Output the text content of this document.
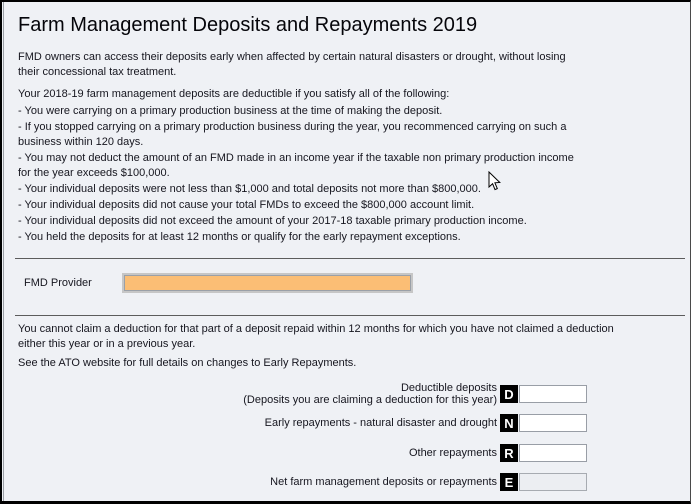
Farm Management Deposits and Repayments 2019
FMD owners can access their deposits early when affected by certain natural disasters or drought, without losing
their concessional tax treatment.
Your 2018-19 farm management deposits are deductible if you satisfy all of the following:
- You were carrying on a primary production business at the time of making the deposit.
- If you stopped carrying on a primary production business during the year, you recommenced carrying on such a
business within 120 days.
- You may not deduct the amount of an FMD made in an income year if the taxable non primary production income
for the year exceeds $100,000.
- Your individual deposits were not less than $1,000 and total deposits not more than $800,000.
- Your individual deposits did not cause your total FMDs to exceed the $800,000 account limit.
- Your individual deposits did not exceed the amount of your 2017-18 taxable primary production income.
- You held the deposits for at least 12 months or qualify for the early repayment exceptions.
FMD Provider
You cannot claim a deduction for that part of a deposit repaid within 12 months for which you have not claimed a deduction
either this year or in a previous year.
See the ATO website for full details on changes to Early Repayments.
Deductible deposits
(Deposits you are claiming a deduction for this year) D
Early repayments - natural disaster and drought N
Other repayments R
Net farm management deposits or repayments E
